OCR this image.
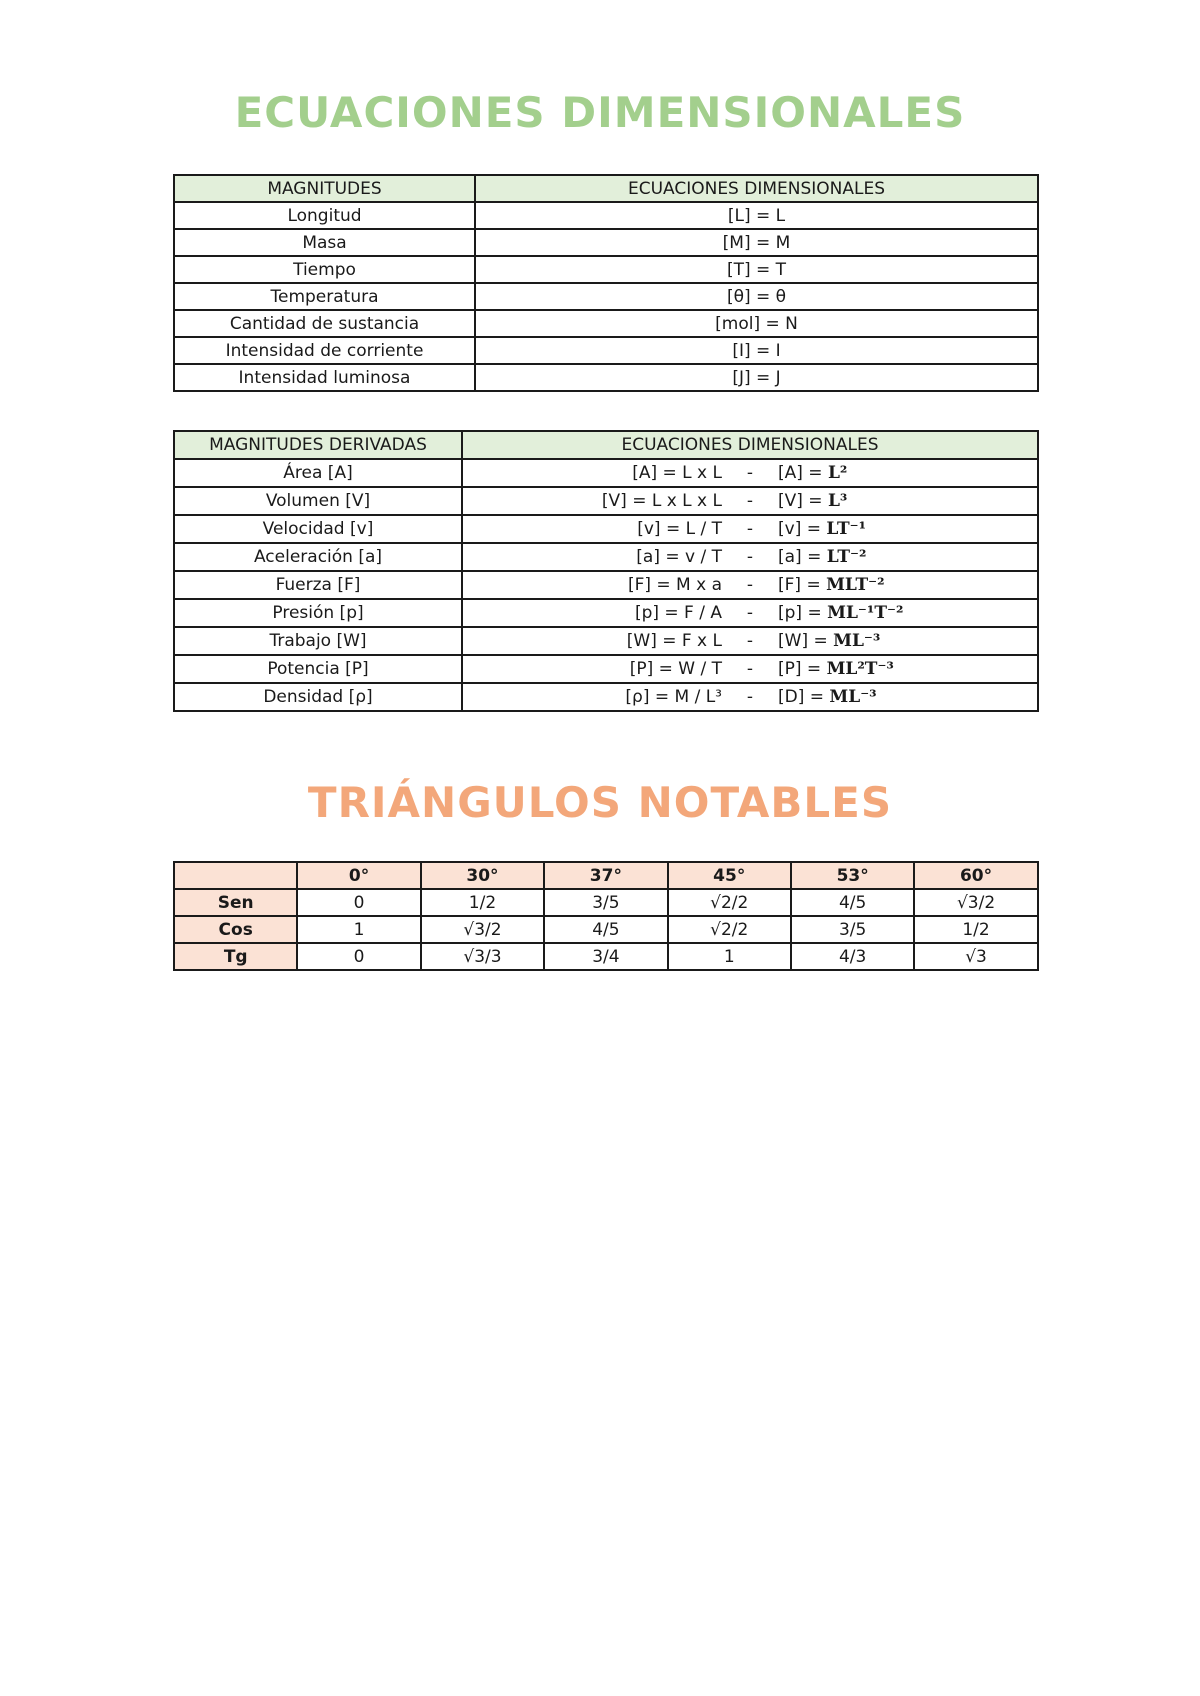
ECUACIONES DIMENSIONALES
MAGNITUDES	ECUACIONES DIMENSIONALES
Longitud	[L] = L
Masa	[M] = M
Tiempo	[T] = T
Temperatura	[θ] = θ
Cantidad de sustancia	[mol] = N
Intensidad de corriente	[I] = I
Intensidad luminosa	[J] = J
MAGNITUDES DERIVADAS	ECUACIONES DIMENSIONALES
Área [A]	[A] = L x L - [A] = L²

Volumen [V]	[V] = L x L x L - [V] = L³

Velocidad [v]	[v] = L / T - [v] = LT⁻¹

Aceleración [a]	[a] = v / T - [a] = LT⁻²

Fuerza [F]	[F] = M x a - [F] = MLT⁻²

Presión [p]	[p] = F / A - [p] = ML⁻¹T⁻²

Trabajo [W]	[W] = F x L - [W] = ML⁻³

Potencia [P]	[P] = W / T - [P] = ML²T⁻³

Densidad [ρ]	[ρ] = M / L³ - [D] = ML⁻³
TRIÁNGULOS NOTABLES
	0°	30°	37°	45°	53°	60°
Sen	0	1/2	3/5	√2/2	4/5	√3/2
Cos	1	√3/2	4/5	√2/2	3/5	1/2
Tg	0	√3/3	3/4	1	4/3	√3
